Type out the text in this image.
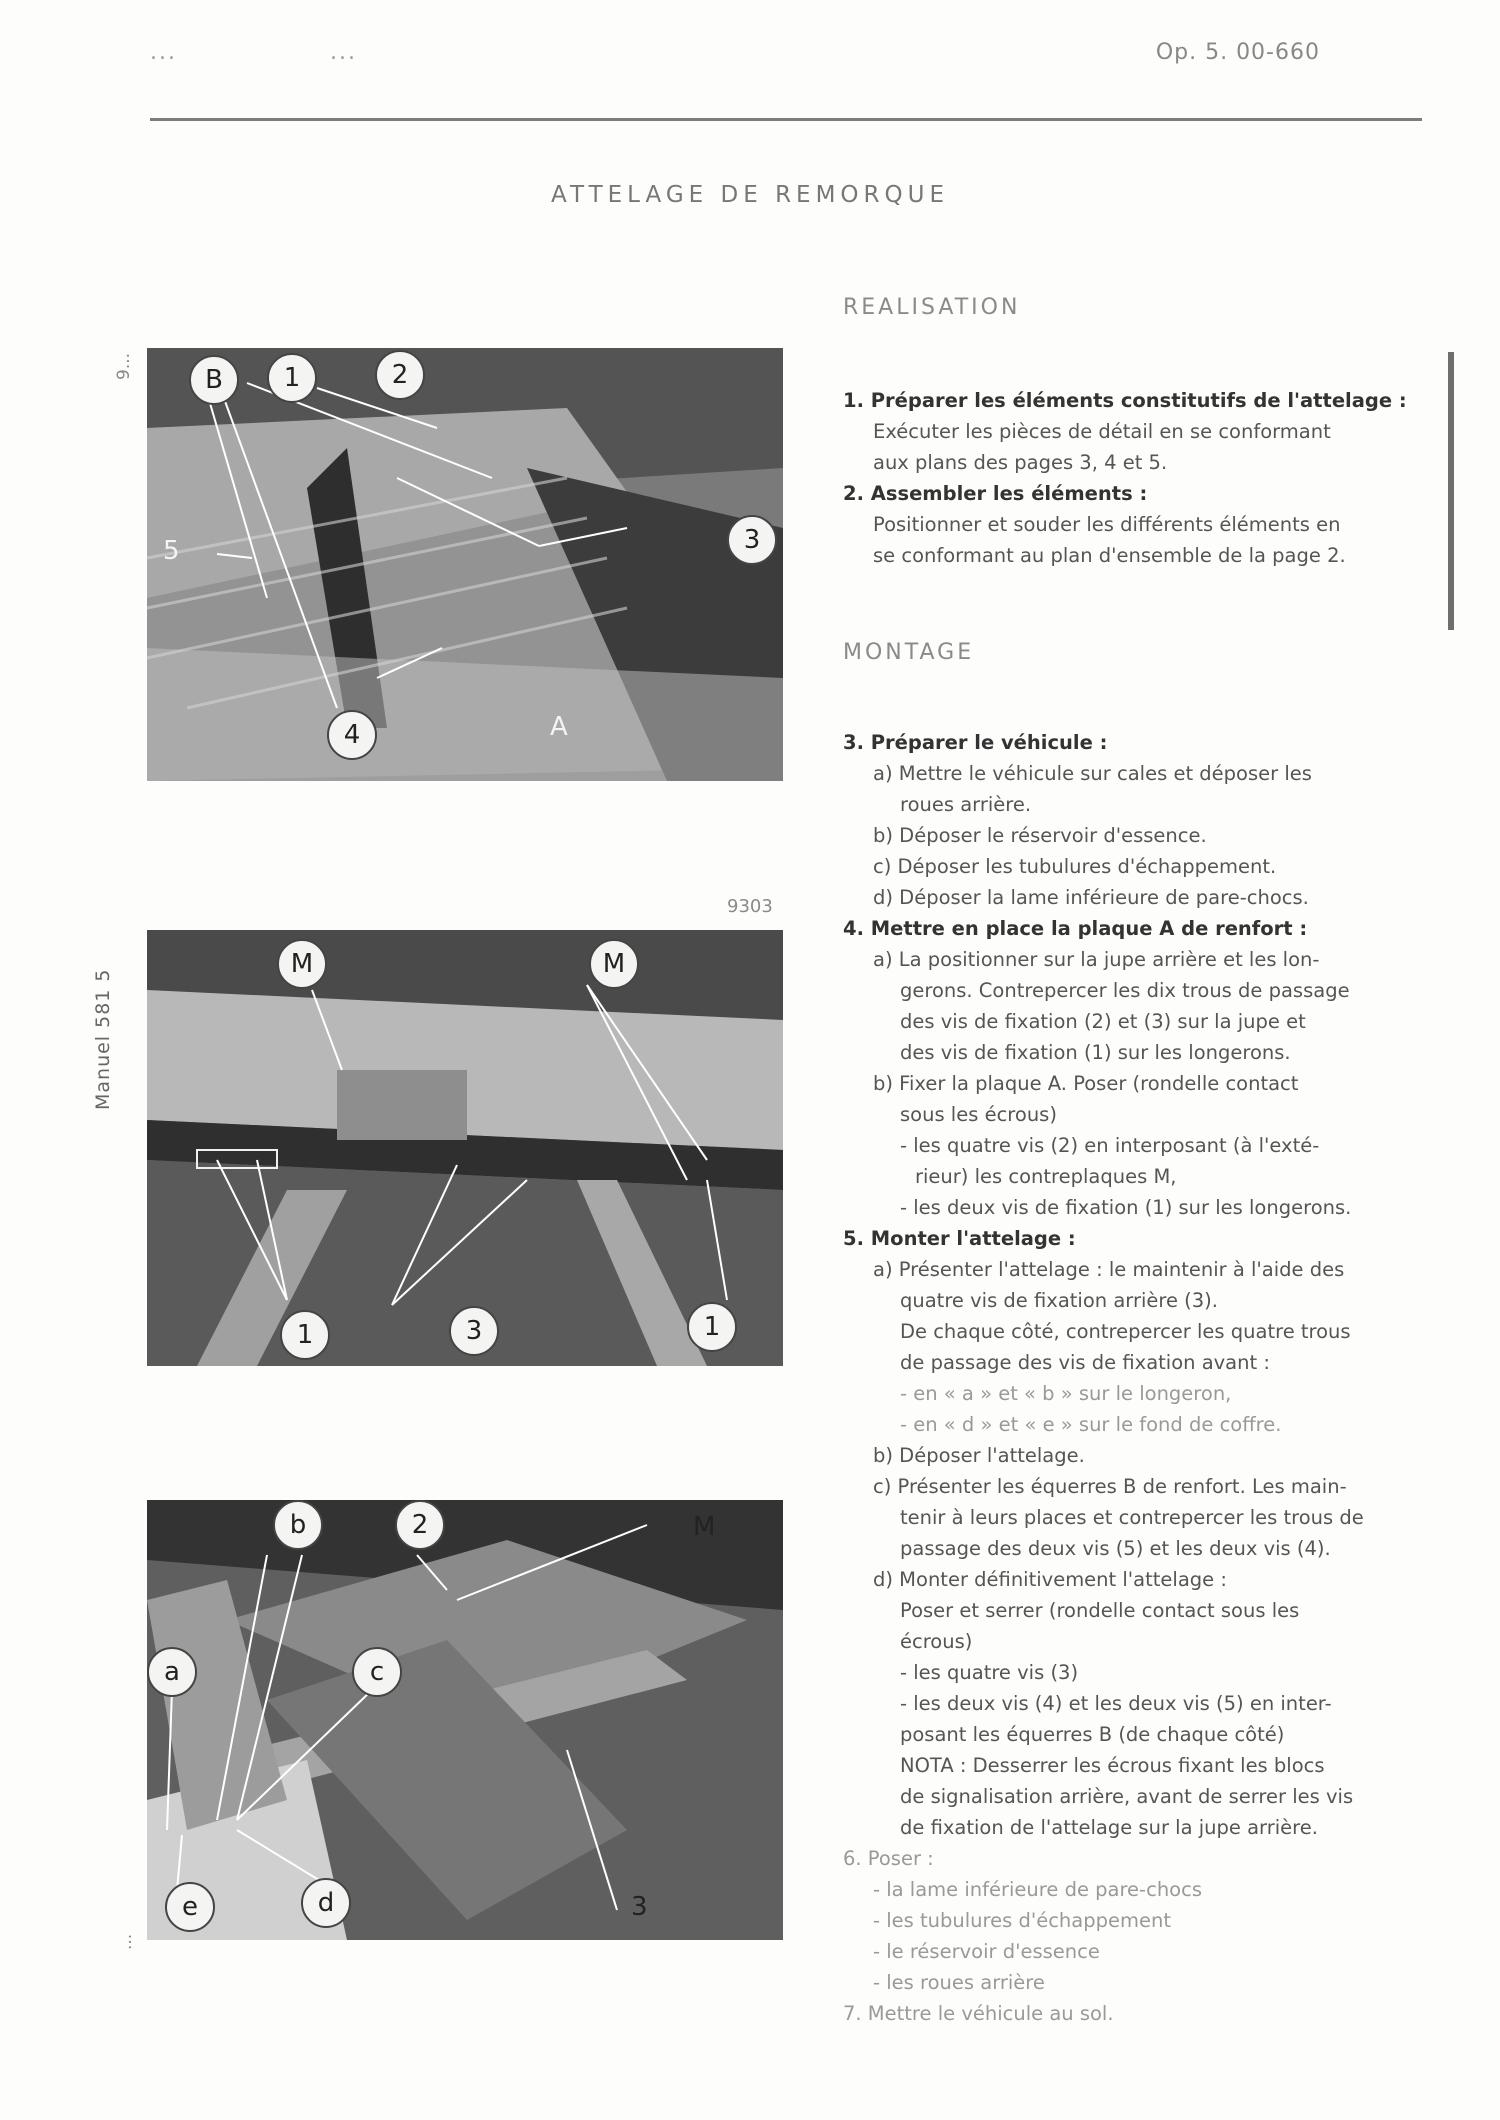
...	...	Op. 5. 00-660
ATTELAGE DE REMORQUE
9...
Manuel 581 5
...
B	1	2
3
5
4	A
9303
M	M
1	3	1
b	2	M
a	c
e	d	3
REALISATION
1. Préparer les éléments constitutifs de l'attelage :
Exécuter les pièces de détail en se conformant
aux plans des pages 3, 4 et 5.
2. Assembler les éléments :
Positionner et souder les différents éléments en
se conformant au plan d'ensemble de la page 2.
MONTAGE
3. Préparer le véhicule :
a) Mettre le véhicule sur cales et déposer les
roues arrière.
b) Déposer le réservoir d'essence.
c) Déposer les tubulures d'échappement.
d) Déposer la lame inférieure de pare-chocs.
4. Mettre en place la plaque A de renfort :
a) La positionner sur la jupe arrière et les lon-
gerons. Contrepercer les dix trous de passage
des vis de fixation (2) et (3) sur la jupe et
des vis de fixation (1) sur les longerons.
b) Fixer la plaque A. Poser (rondelle contact
sous les écrous)
- les quatre vis (2) en interposant (à l'exté-
rieur) les contreplaques M,
- les deux vis de fixation (1) sur les longerons.
5. Monter l'attelage :
a) Présenter l'attelage : le maintenir à l'aide des
quatre vis de fixation arrière (3).
De chaque côté, contrepercer les quatre trous
de passage des vis de fixation avant :
- en « a » et « b » sur le longeron,
- en « d » et « e » sur le fond de coffre.
b) Déposer l'attelage.
c) Présenter les équerres B de renfort. Les main-
tenir à leurs places et contrepercer les trous de
passage des deux vis (5) et les deux vis (4).
d) Monter définitivement l'attelage :
Poser et serrer (rondelle contact sous les
écrous)
- les quatre vis (3)
- les deux vis (4) et les deux vis (5) en inter-
posant les équerres B (de chaque côté)
NOTA : Desserrer les écrous fixant les blocs
de signalisation arrière, avant de serrer les vis
de fixation de l'attelage sur la jupe arrière.
6. Poser :
- la lame inférieure de pare-chocs
- les tubulures d'échappement
- le réservoir d'essence
- les roues arrière
7. Mettre le véhicule au sol.
